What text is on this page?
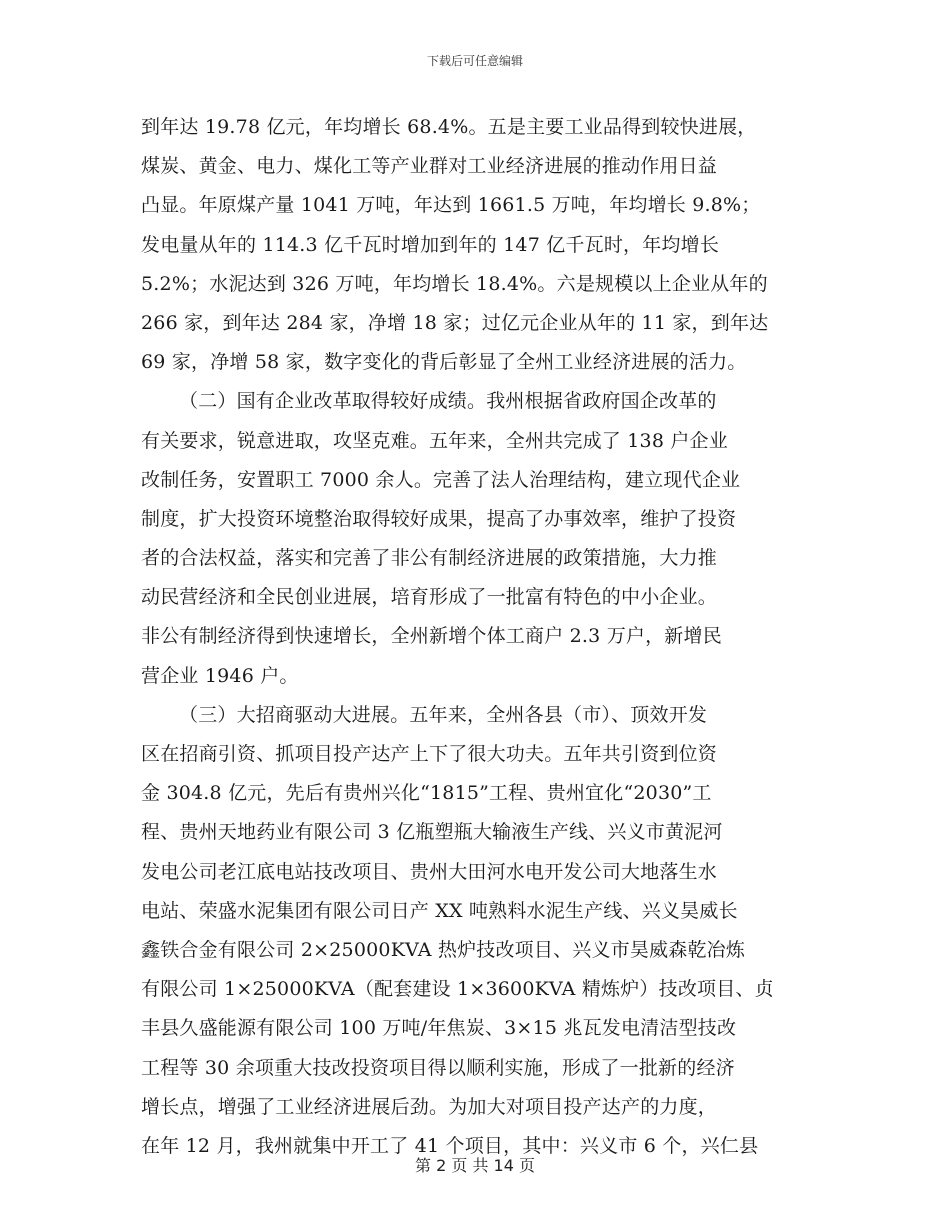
下载后可任意编辑
到年达 19.78 亿元，年均增长 68.4%。五是主要工业品得到较快进展，
煤炭、黄金、电力、煤化工等产业群对工业经济进展的推动作用日益
凸显。年原煤产量 1041 万吨，年达到 1661.5 万吨，年均增长 9.8%；
发电量从年的 114.3 亿千瓦时增加到年的 147 亿千瓦时，年均增长
5.2%；水泥达到 326 万吨，年均增长 18.4%。六是规模以上企业从年的
266 家，到年达 284 家，净增 18 家；过亿元企业从年的 11 家，到年达
69 家，净增 58 家，数字变化的背后彰显了全州工业经济进展的活力。
（二）国有企业改革取得较好成绩。我州根据省政府国企改革的
有关要求，锐意进取，攻坚克难。五年来，全州共完成了 138 户企业
改制任务，安置职工 7000 余人。完善了法人治理结构，建立现代企业
制度，扩大投资环境整治取得较好成果，提高了办事效率，维护了投资
者的合法权益，落实和完善了非公有制经济进展的政策措施，大力推
动民营经济和全民创业进展，培育形成了一批富有特色的中小企业。
非公有制经济得到快速增长，全州新增个体工商户 2.3 万户，新增民
营企业 1946 户。
（三）大招商驱动大进展。五年来，全州各县（市）、顶效开发
区在招商引资、抓项目投产达产上下了很大功夫。五年共引资到位资
金 304.8 亿元，先后有贵州兴化“1815”工程、贵州宜化“2030”工
程、贵州天地药业有限公司 3 亿瓶塑瓶大输液生产线、兴义市黄泥河
发电公司老江底电站技改项目、贵州大田河水电开发公司大地落生水
电站、荣盛水泥集团有限公司日产 XX 吨熟料水泥生产线、兴义昊威长
鑫铁合金有限公司 2×25000KVA 热炉技改项目、兴义市昊威森乾冶炼
有限公司 1×25000KVA（配套建设 1×3600KVA 精炼炉）技改项目、贞
丰县久盛能源有限公司 100 万吨/年焦炭、3×15 兆瓦发电清洁型技改
工程等 30 余项重大技改投资项目得以顺利实施，形成了一批新的经济
增长点，增强了工业经济进展后劲。为加大对项目投产达产的力度，
在年 12 月，我州就集中开工了 41 个项目，其中：兴义市 6 个，兴仁县
第 2 页 共 14 页
